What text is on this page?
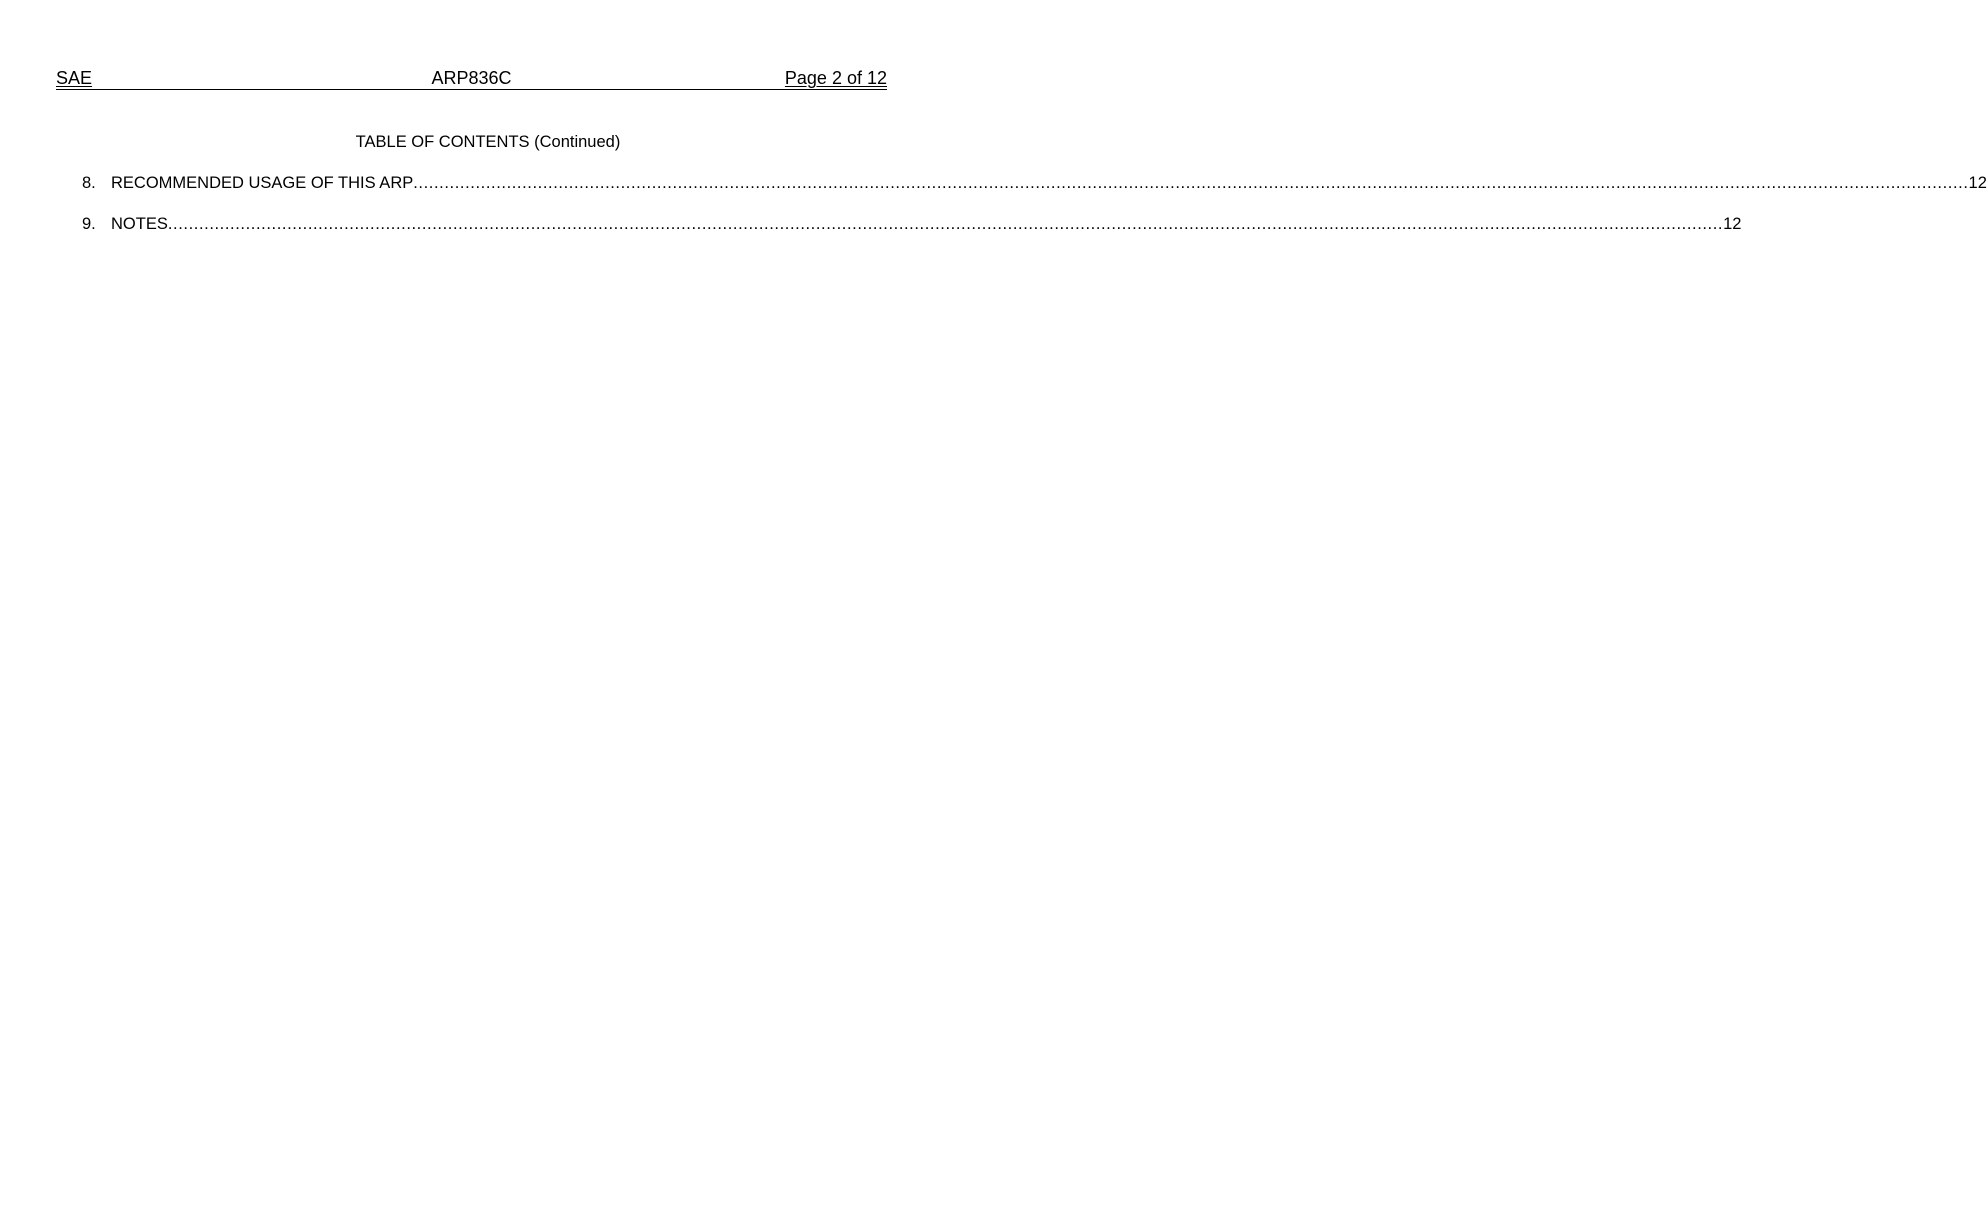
SAE	ARP836C	Page 2 of 12
TABLE OF CONTENTS (Continued)
8. RECOMMENDED USAGE OF THIS ARP ............................................................................................................................................................................................................................................................................................................ 12
9. NOTES ............................................................................................................................................................................................................................................................................................................ 12
